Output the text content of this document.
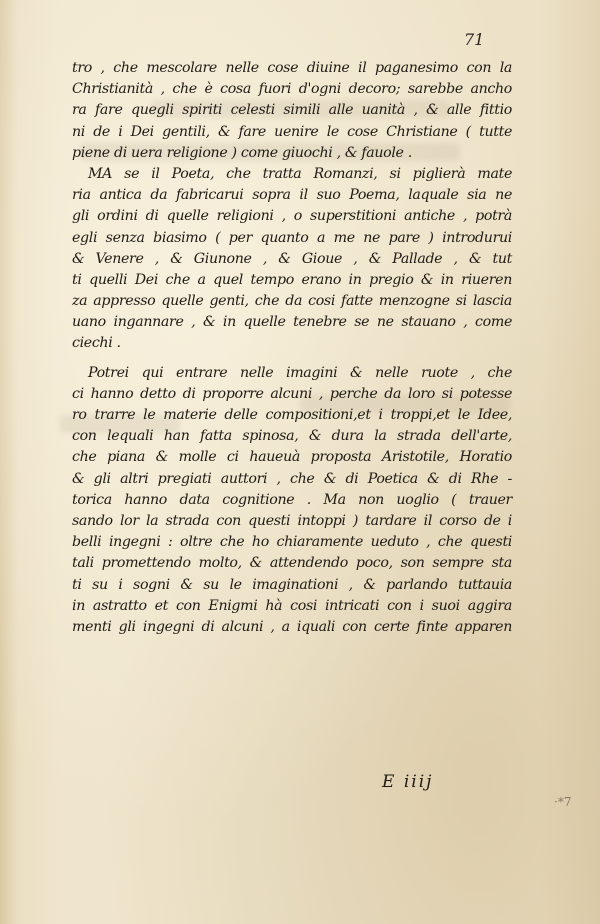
71
tro , che mescolare nelle cose diuine il paganesimo con la
Christianità , che è cosa fuori d'ogni decoro; sarebbe ancho
ra fare quegli spiriti celesti simili alle uanità , & alle fittio
ni de i Dei gentili, & fare uenire le cose Christiane ( tutte
piene di uera religione ) come giuochi , & fauole .
MA se il Poeta, che tratta Romanzi, si piglierà mate
ria antica da fabricarui sopra il suo Poema, laquale sia ne
gli ordini di quelle religioni , o superstitioni antiche , potrà
egli senza biasimo ( per quanto a me ne pare ) introdurui
& Venere , & Giunone , & Gioue , & Pallade , & tut
ti quelli Dei che a quel tempo erano in pregio & in riueren
za appresso quelle genti, che da cosi fatte menzogne si lascia
uano ingannare , & in quelle tenebre se ne stauano , come
ciechi .
Potrei qui entrare nelle imagini & nelle ruote , che
ci hanno detto di proporre alcuni , perche da loro si potesse
ro trarre le materie delle compositioni,et i troppi,et le Idee,
con lequali han fatta spinosa, & dura la strada dell'arte,
che piana & molle ci haueuà proposta Aristotile, Horatio
& gli altri pregiati auttori , che & di Poetica & di Rhe -
torica hanno data cognitione . Ma non uoglio ( trauer
sando lor la strada con questi intoppi ) tardare il corso de i
belli ingegni : oltre che ho chiaramente ueduto , che questi
tali promettendo molto, & attendendo poco, son sempre sta
ti su i sogni & su le imaginationi , & parlando tuttauia
in astratto et con Enigmi hà cosi intricati con i suoi aggira
menti gli ingegni di alcuni , a iquali con certe finte apparen
E iiij
·*7
